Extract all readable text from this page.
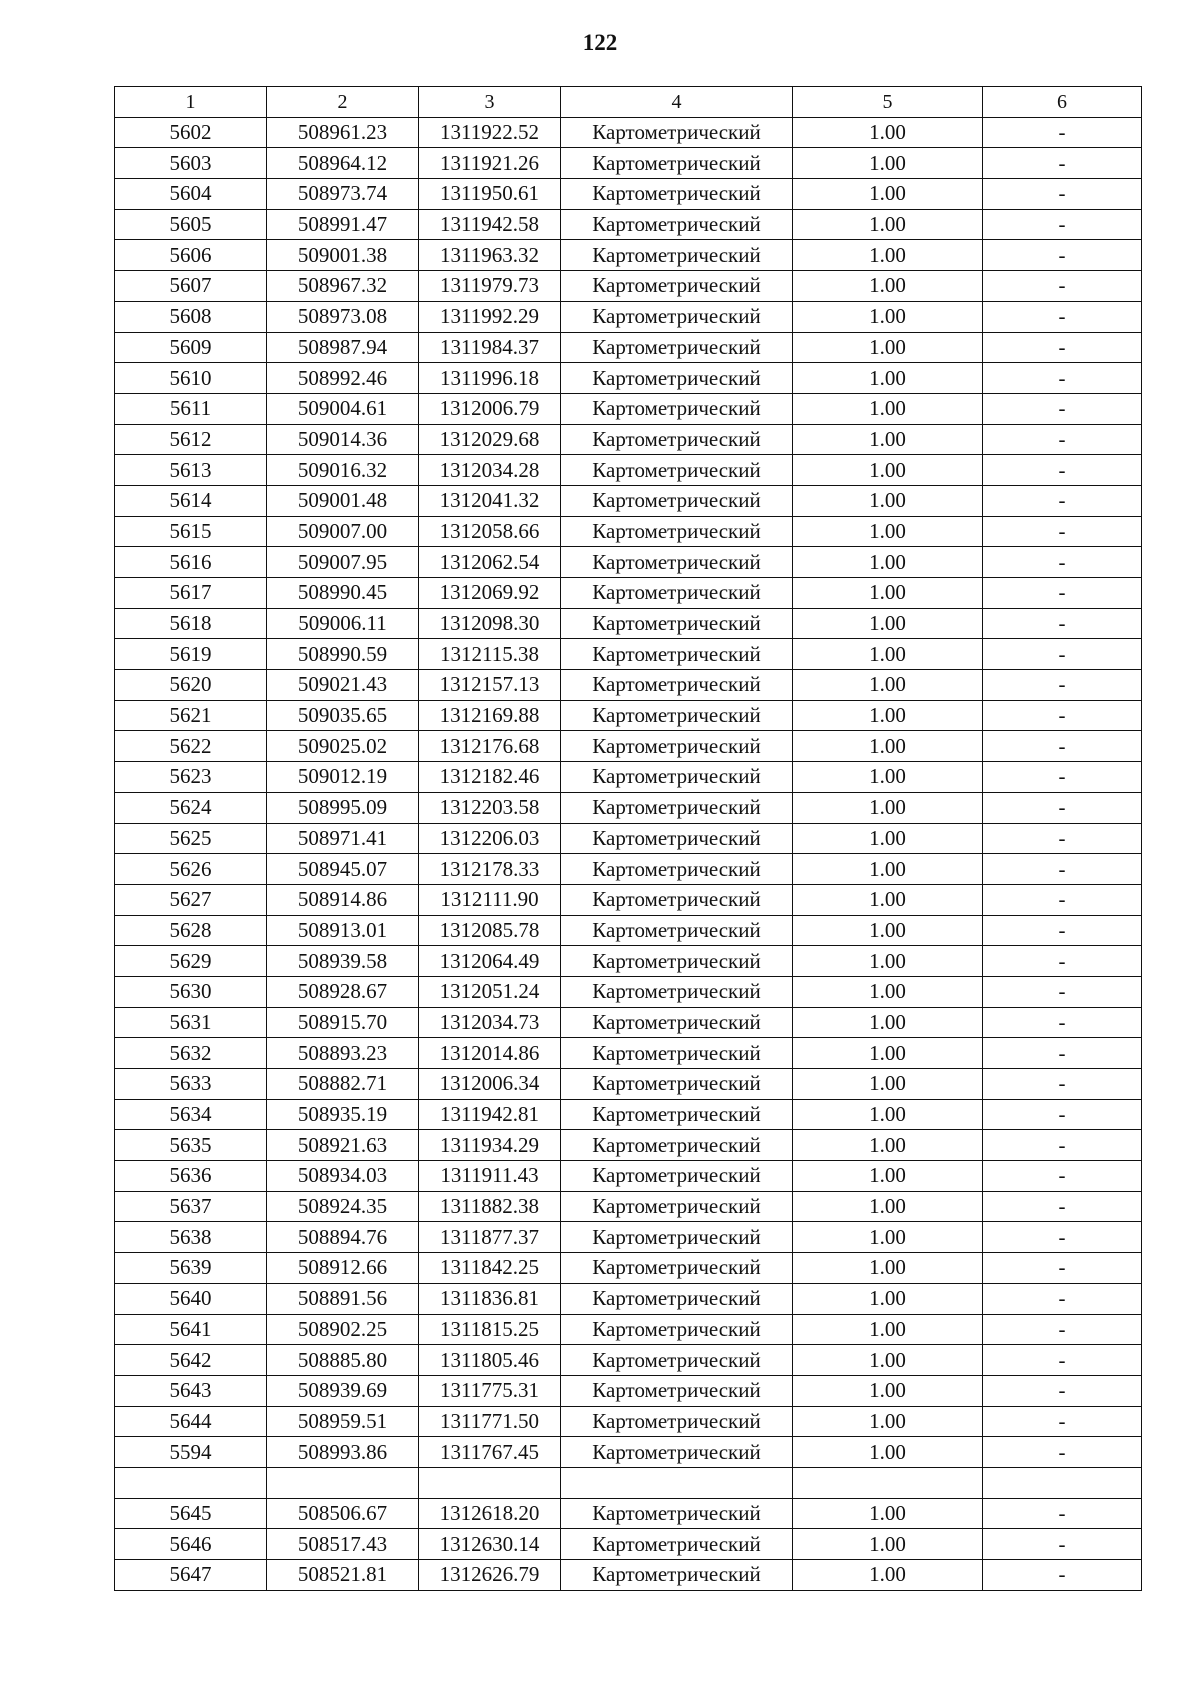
122
1	2	3	4	5	6
5602	508961.23	1311922.52	Картометрический	1.00	-
5603	508964.12	1311921.26	Картометрический	1.00	-
5604	508973.74	1311950.61	Картометрический	1.00	-
5605	508991.47	1311942.58	Картометрический	1.00	-
5606	509001.38	1311963.32	Картометрический	1.00	-
5607	508967.32	1311979.73	Картометрический	1.00	-
5608	508973.08	1311992.29	Картометрический	1.00	-
5609	508987.94	1311984.37	Картометрический	1.00	-
5610	508992.46	1311996.18	Картометрический	1.00	-
5611	509004.61	1312006.79	Картометрический	1.00	-
5612	509014.36	1312029.68	Картометрический	1.00	-
5613	509016.32	1312034.28	Картометрический	1.00	-
5614	509001.48	1312041.32	Картометрический	1.00	-
5615	509007.00	1312058.66	Картометрический	1.00	-
5616	509007.95	1312062.54	Картометрический	1.00	-
5617	508990.45	1312069.92	Картометрический	1.00	-
5618	509006.11	1312098.30	Картометрический	1.00	-
5619	508990.59	1312115.38	Картометрический	1.00	-
5620	509021.43	1312157.13	Картометрический	1.00	-
5621	509035.65	1312169.88	Картометрический	1.00	-
5622	509025.02	1312176.68	Картометрический	1.00	-
5623	509012.19	1312182.46	Картометрический	1.00	-
5624	508995.09	1312203.58	Картометрический	1.00	-
5625	508971.41	1312206.03	Картометрический	1.00	-
5626	508945.07	1312178.33	Картометрический	1.00	-
5627	508914.86	1312111.90	Картометрический	1.00	-
5628	508913.01	1312085.78	Картометрический	1.00	-
5629	508939.58	1312064.49	Картометрический	1.00	-
5630	508928.67	1312051.24	Картометрический	1.00	-
5631	508915.70	1312034.73	Картометрический	1.00	-
5632	508893.23	1312014.86	Картометрический	1.00	-
5633	508882.71	1312006.34	Картометрический	1.00	-
5634	508935.19	1311942.81	Картометрический	1.00	-
5635	508921.63	1311934.29	Картометрический	1.00	-
5636	508934.03	1311911.43	Картометрический	1.00	-
5637	508924.35	1311882.38	Картометрический	1.00	-
5638	508894.76	1311877.37	Картометрический	1.00	-
5639	508912.66	1311842.25	Картометрический	1.00	-
5640	508891.56	1311836.81	Картометрический	1.00	-
5641	508902.25	1311815.25	Картометрический	1.00	-
5642	508885.80	1311805.46	Картометрический	1.00	-
5643	508939.69	1311775.31	Картометрический	1.00	-
5644	508959.51	1311771.50	Картометрический	1.00	-
5594	508993.86	1311767.45	Картометрический	1.00	-

5645	508506.67	1312618.20	Картометрический	1.00	-
5646	508517.43	1312630.14	Картометрический	1.00	-
5647	508521.81	1312626.79	Картометрический	1.00	-
